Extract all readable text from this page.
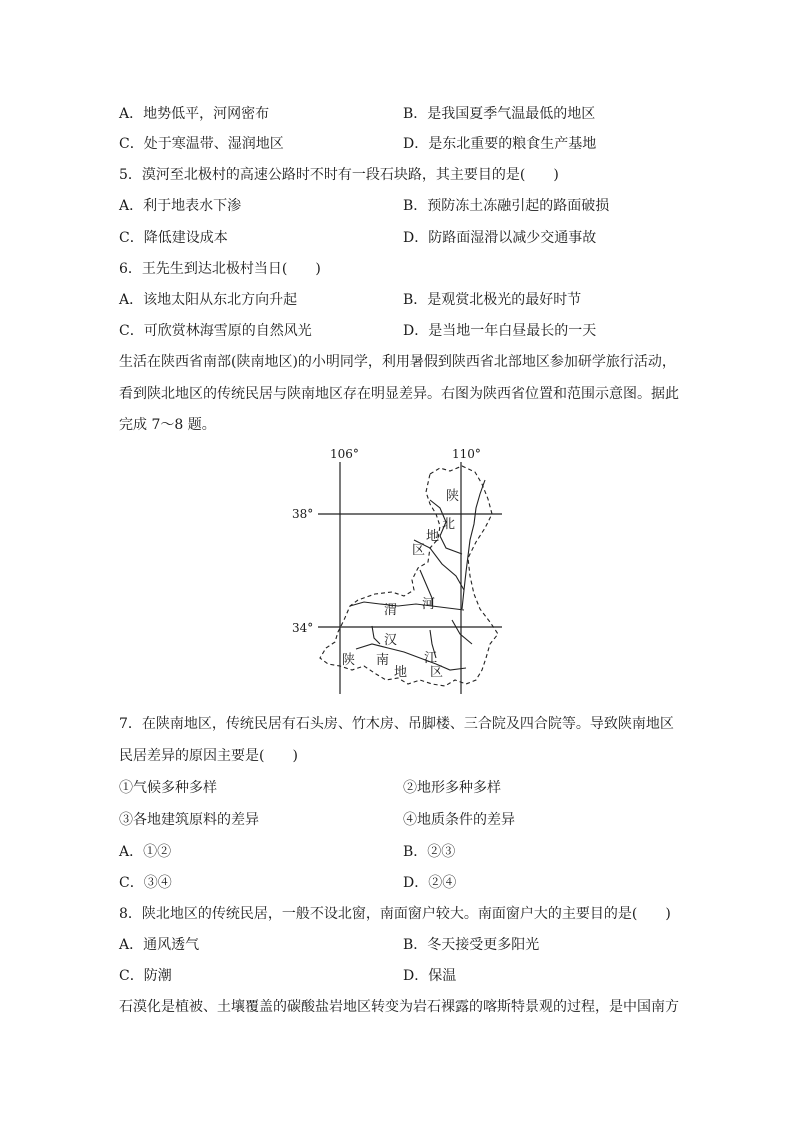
A．地势低平，河网密布	B．是我国夏季气温最低的地区
C．处于寒温带、湿润地区	D．是东北重要的粮食生产基地
5．漠河至北极村的高速公路时不时有一段石块路，其主要目的是(　　)
A．利于地表水下渗	B．预防冻土冻融引起的路面破损
C．降低建设成本	D．防路面湿滑以减少交通事故
6．王先生到达北极村当日(　　)
A．该地太阳从东北方向升起	B．是观赏北极光的最好时节
C．可欣赏林海雪原的自然风光	D．是当地一年白昼最长的一天
生活在陕西省南部(陕南地区)的小明同学，利用暑假到陕西省北部地区参加研学旅行活动，
看到陕北地区的传统民居与陕南地区存在明显差异。右图为陕西省位置和范围示意图。据此
完成 7～8 题。
106°	110°
38°
34°
陕
北
地
区
渭 河
汉
江
陕 南
地 区
7．在陕南地区，传统民居有石头房、竹木房、吊脚楼、三合院及四合院等。导致陕南地区
民居差异的原因主要是(　　)
①气候多种多样	②地形多种多样
③各地建筑原料的差异	④地质条件的差异
A．①②	B．②③
C．③④	D．②④
8．陕北地区的传统民居，一般不设北窗，南面窗户较大。南面窗户大的主要目的是(　　)
A．通风透气	B．冬天接受更多阳光
C．防潮	D．保温
石漠化是植被、土壤覆盖的碳酸盐岩地区转变为岩石裸露的喀斯特景观的过程，是中国南方
